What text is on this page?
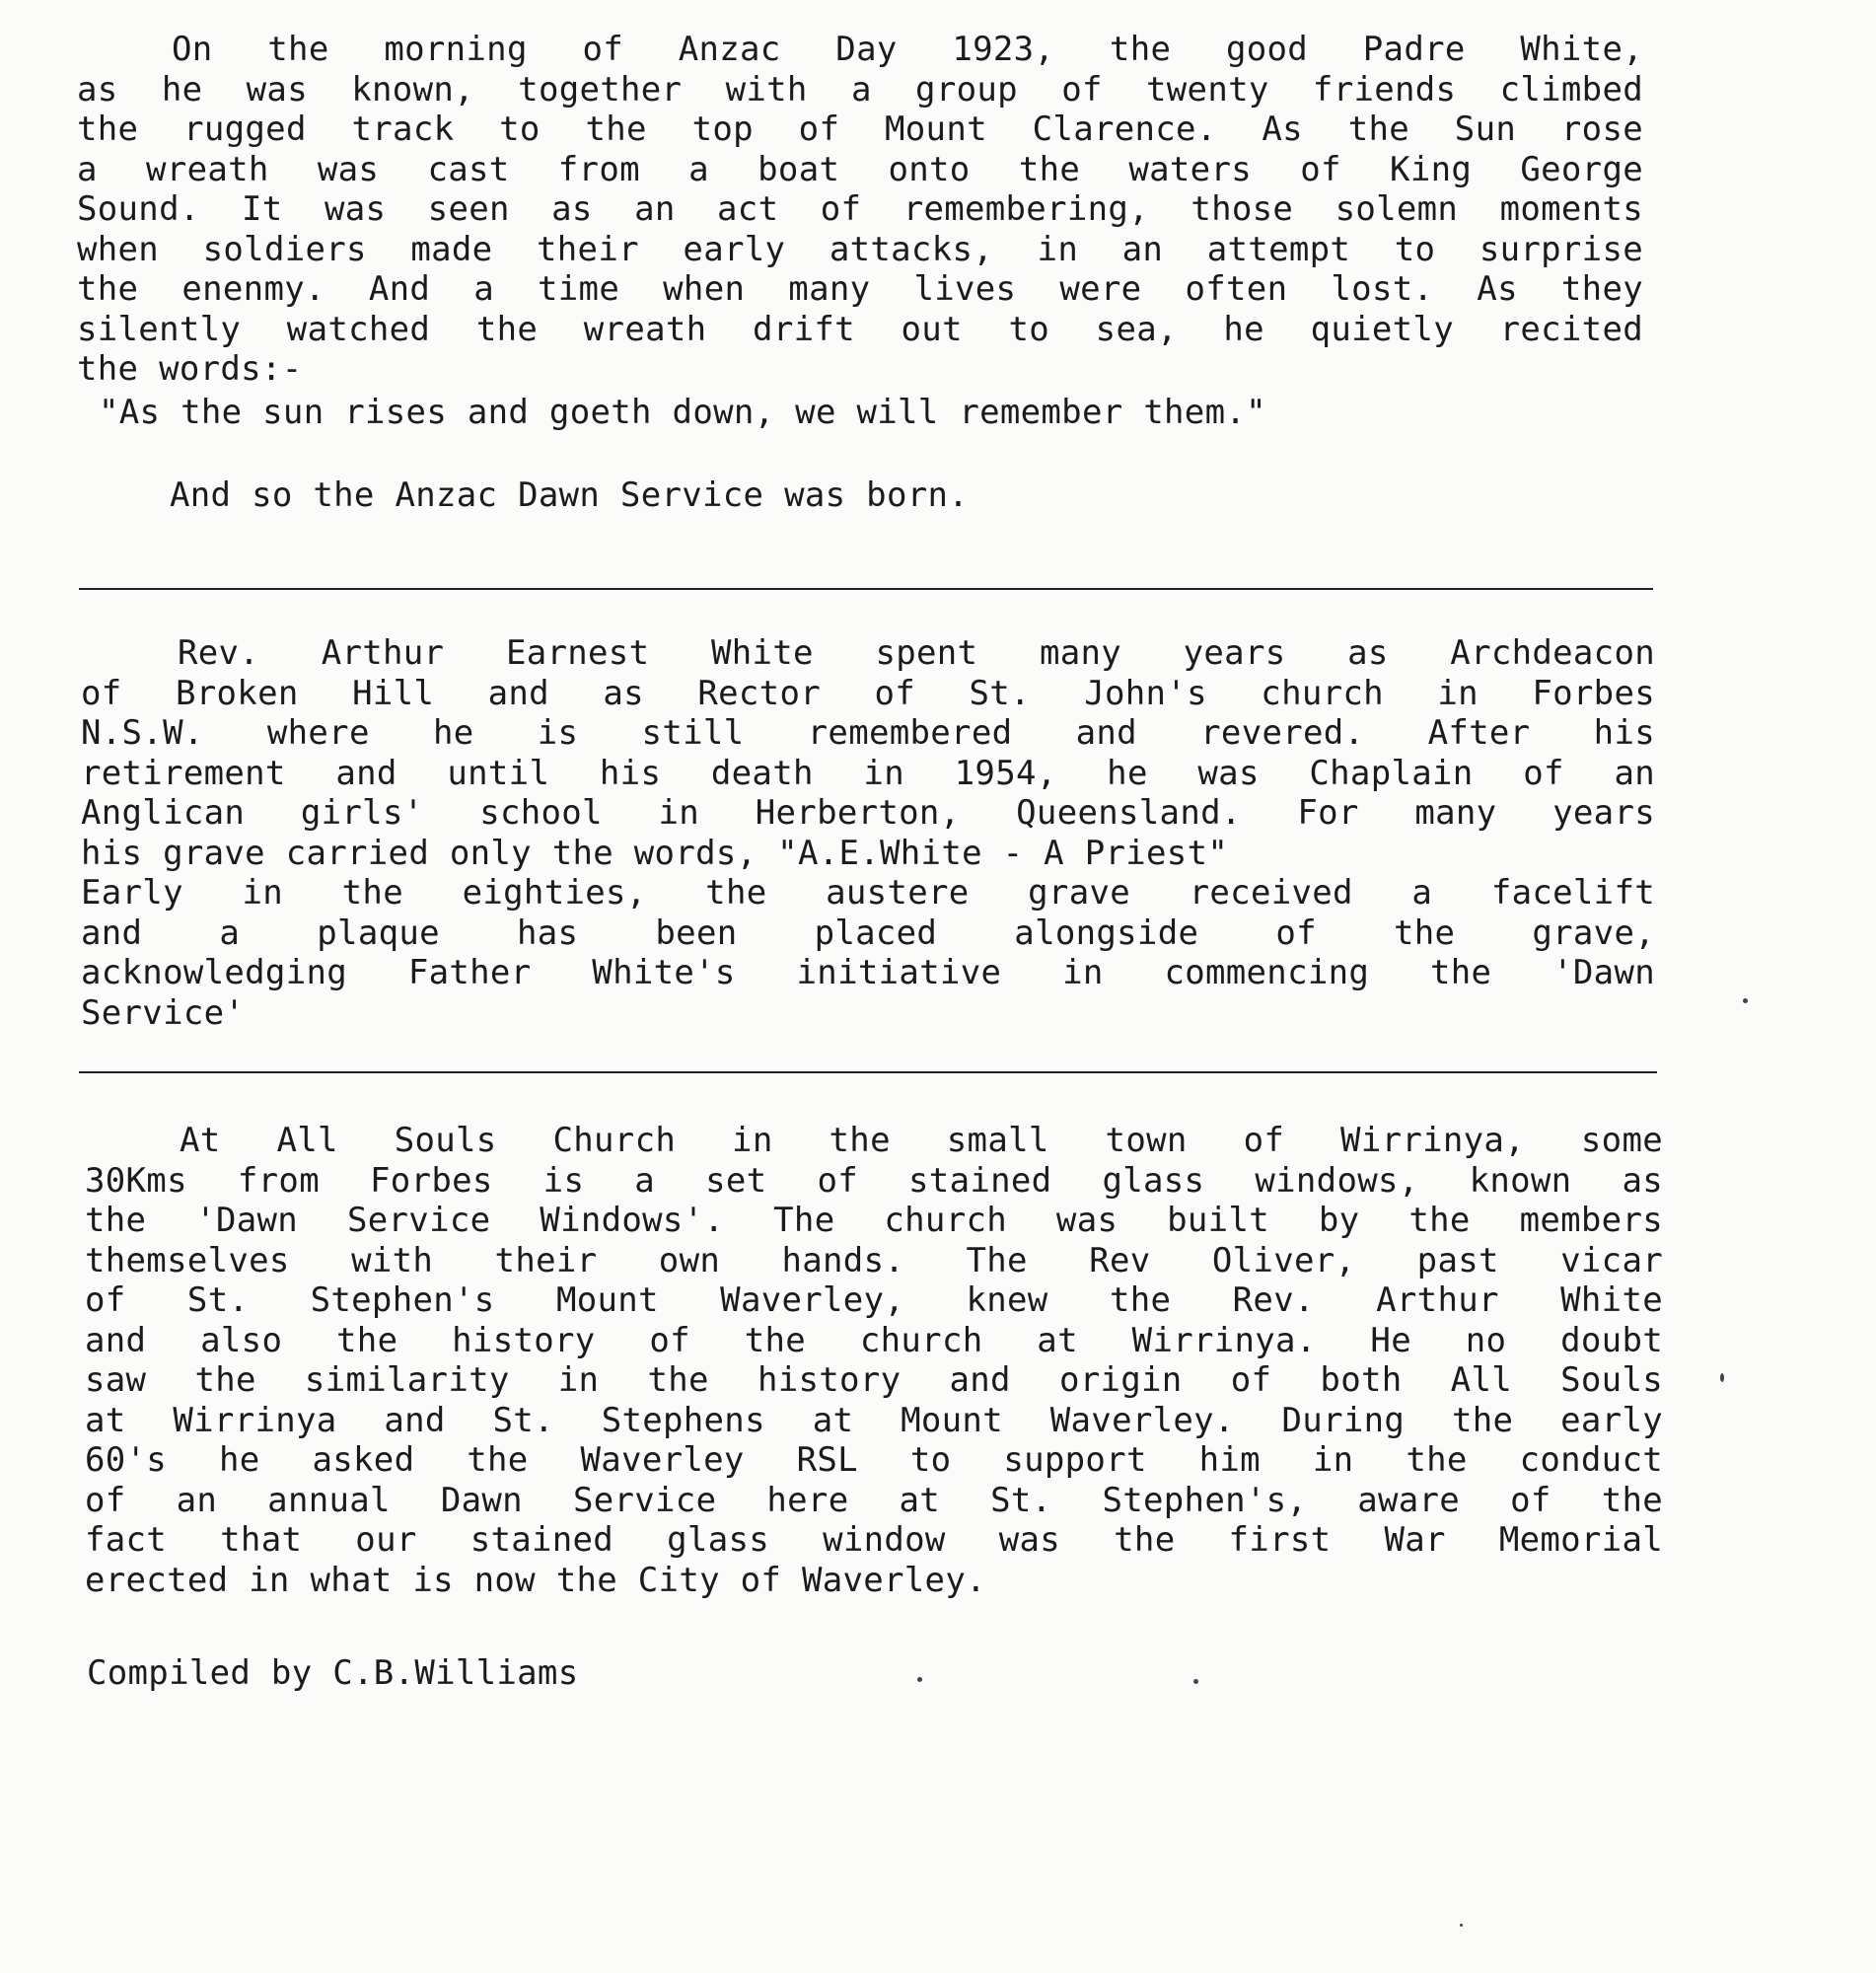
On the morning of Anzac Day 1923, the good Padre White,
as he was known, together with a group of twenty friends climbed
the rugged track to the top of Mount Clarence. As the Sun rose
a wreath was cast from a boat onto the waters of King George
Sound. It was seen as an act of remembering, those solemn moments
when soldiers made their early attacks, in an attempt to surprise
the enenmy. And a time when many lives were often lost. As they
silently watched the wreath drift out to sea, he quietly recited
the words:-
"As the sun rises and goeth down, we will remember them."
And so the Anzac Dawn Service was born.
Rev. Arthur Earnest White spent many years as Archdeacon
of Broken Hill and as Rector of St. John's church in Forbes
N.S.W. where he is still remembered and revered. After his
retirement and until his death in 1954, he was Chaplain of an
Anglican girls' school in Herberton, Queensland. For many years
his grave carried only the words, "A.E.White - A Priest"
Early in the eighties, the austere grave received a facelift
and a plaque has been placed alongside of the grave,
acknowledging Father White's initiative in commencing the 'Dawn
Service'
At All Souls Church in the small town of Wirrinya, some
30Kms from Forbes is a set of stained glass windows, known as
the 'Dawn Service Windows'. The church was built by the members
themselves with their own hands. The Rev Oliver, past vicar
of St. Stephen's Mount Waverley, knew the Rev. Arthur White
and also the history of the church at Wirrinya. He no doubt
saw the similarity in the history and origin of both All Souls
at Wirrinya and St. Stephens at Mount Waverley. During the early
60's he asked the Waverley RSL to support him in the conduct
of an annual Dawn Service here at St. Stephen's, aware of the
fact that our stained glass window was the first War Memorial
erected in what is now the City of Waverley.
Compiled by C.B.Williams
